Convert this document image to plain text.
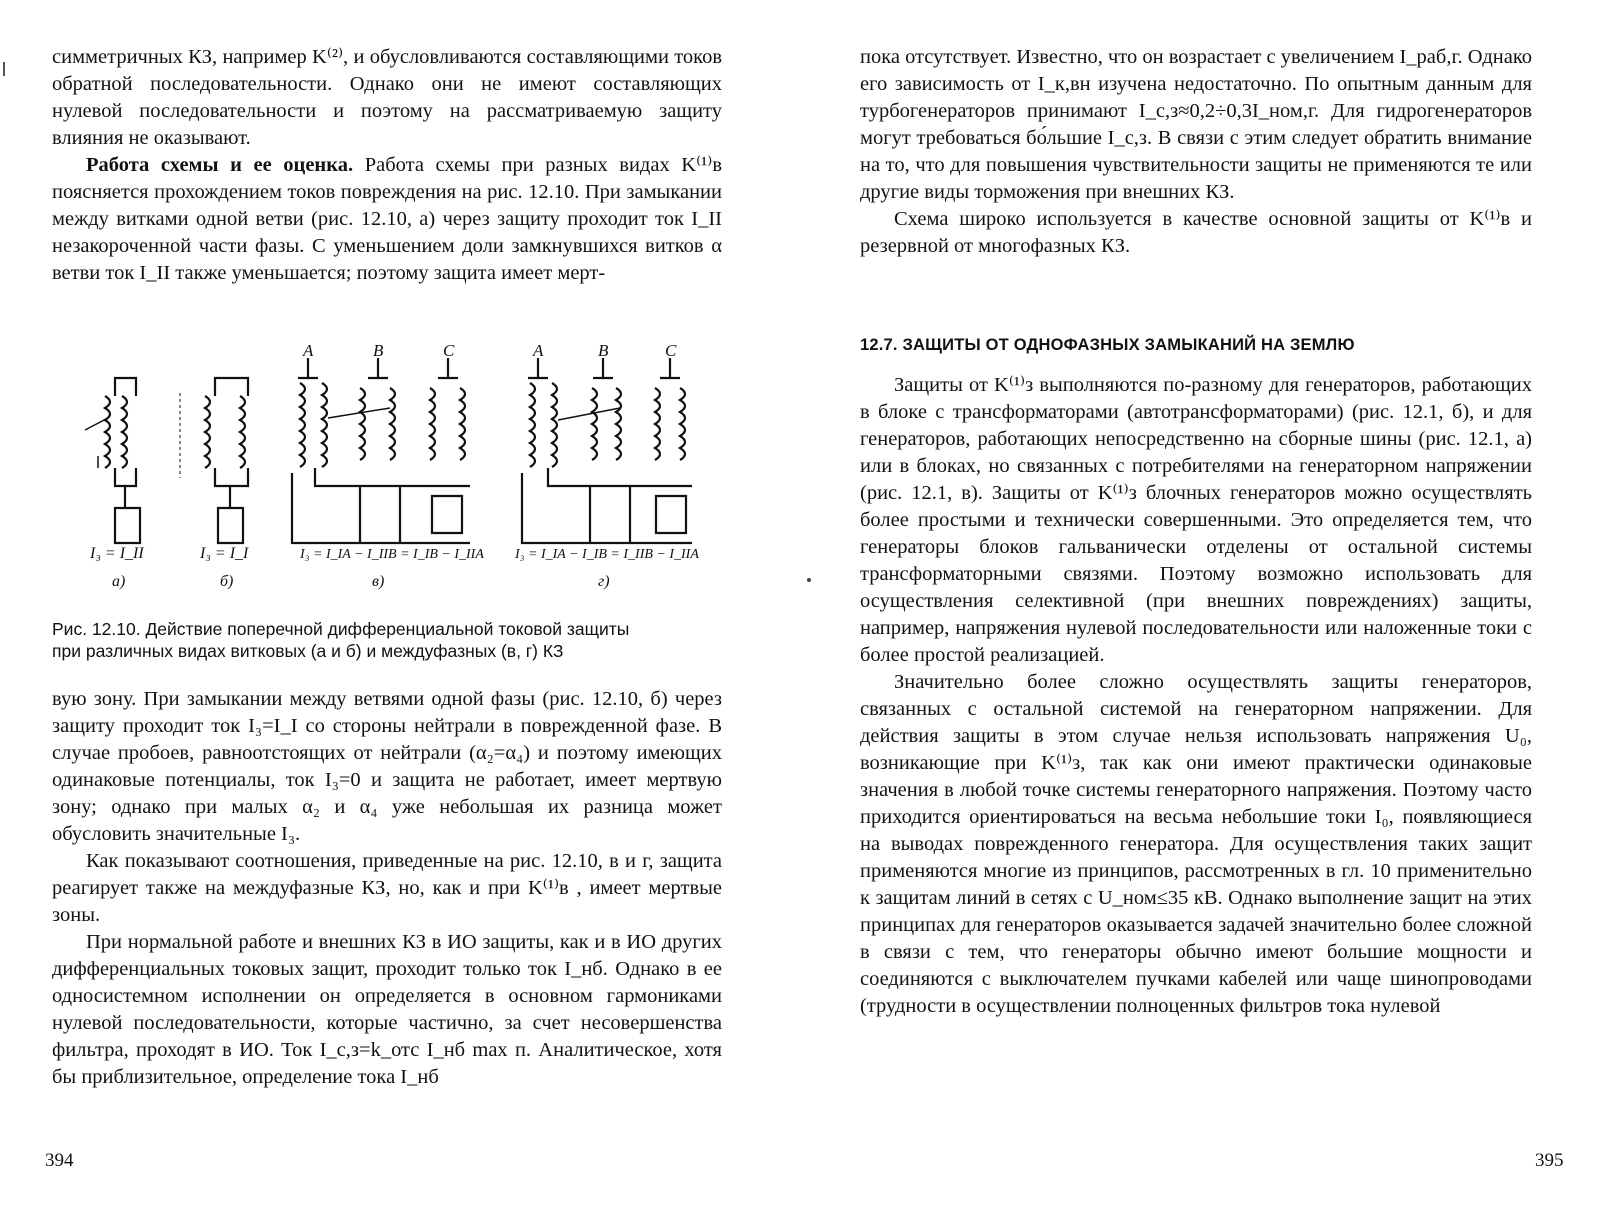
симметричных КЗ, например K⁽²⁾, и обусловливаются составляющими токов обратной последовательности. Однако они не имеют составляющих нулевой последовательности и поэтому на рассматриваемую защиту влияния не оказывают.

Работа схемы и ее оценка. Работа схемы при разных видах K⁽¹⁾в поясняется прохождением токов повреждения на рис. 12.10. При замыкании между витками одной ветви (рис. 12.10, а) через защиту проходит ток I_II незакороченной части фазы. С уменьшением доли замкнувшихся витков α ветви ток I_II также уменьшается; поэтому защита имеет мерт-

A	B	C	A	B	C
I₃ = I_II	I₃ = I_I	I₃ = I_IA − I_IIB = I_IB − I_IIA I₃ = I_IA − I_IB = I_IIB − I_IIA
а)	б)	в)	г)
Рис. 12.10. Действие поперечной дифференциальной токовой защиты
при различных видах витковых (а и б) и междуфазных (в, г) КЗ

вую зону. При замыкании между ветвями одной фазы (рис. 12.10, б) через защиту проходит ток I₃=I_I со стороны нейтрали в поврежденной фазе. В случае пробоев, равноотстоящих от нейтрали (α₂=α₄) и поэтому имеющих одинаковые потенциалы, ток I₃=0 и защита не работает, имеет мертвую зону; однако при малых α₂ и α₄ уже небольшая их разница может обусловить значительные I₃.

Как показывают соотношения, приведенные на рис. 12.10, в и г, защита реагирует также на междуфазные КЗ, но, как и при K⁽¹⁾в , имеет мертвые зоны.

При нормальной работе и внешних КЗ в ИО защиты, как и в ИО других дифференциальных токовых защит, проходит только ток I_нб. Однако в ее односистемном исполнении он определяется в основном гармониками нулевой последовательности, которые частично, за счет несовершенства фильтра, проходят в ИО. Ток I_с,з=k_отс I_нб max п. Аналитическое, хотя бы приблизительное, определение тока I_нб

394

пока отсутствует. Известно, что он возрастает с увеличением I_раб,г. Однако его зависимость от I_к,вн изучена недостаточно. По опытным данным для турбогенераторов принимают I_с,з≈0,2÷0,3I_ном,г. Для гидрогенераторов могут требоваться бо́льшие I_с,з. В связи с этим следует обратить внимание на то, что для повышения чувствительности защиты не применяются те или другие виды торможения при внешних КЗ.

Схема широко используется в качестве основной защиты от K⁽¹⁾в и резервной от многофазных КЗ.

12.7. ЗАЩИТЫ ОТ ОДНОФАЗНЫХ ЗАМЫКАНИЙ НА ЗЕМЛЮ

Защиты от K⁽¹⁾з выполняются по-разному для генераторов, работающих в блоке с трансформаторами (автотрансформаторами) (рис. 12.1, б), и для генераторов, работающих непосредственно на сборные шины (рис. 12.1, а) или в блоках, но связанных с потребителями на генераторном напряжении (рис. 12.1, в). Защиты от K⁽¹⁾з блочных генераторов можно осуществлять более простыми и технически совершенными. Это определяется тем, что генераторы блоков гальванически отделены от остальной системы трансформаторными связями. Поэтому возможно использовать для осуществления селективной (при внешних повреждениях) защиты, например, напряжения нулевой последовательности или наложенные токи с более простой реализацией.

Значительно более сложно осуществлять защиты генераторов, связанных с остальной системой на генераторном напряжении. Для действия защиты в этом случае нельзя использовать напряжения U₀, возникающие при K⁽¹⁾з, так как они имеют практически одинаковые значения в любой точке системы генераторного напряжения. Поэтому часто приходится ориентироваться на весьма небольшие токи I₀, появляющиеся на выводах поврежденного генератора. Для осуществления таких защит применяются многие из принципов, рассмотренных в гл. 10 применительно к защитам линий в сетях с U_ном≤35 кВ. Однако выполнение защит на этих принципах для генераторов оказывается задачей значительно более сложной в связи с тем, что генераторы обычно имеют большие мощности и соединяются с выключателем пучками кабелей или чаще шинопроводами (трудности в осуществлении полноценных фильтров тока нулевой

395
